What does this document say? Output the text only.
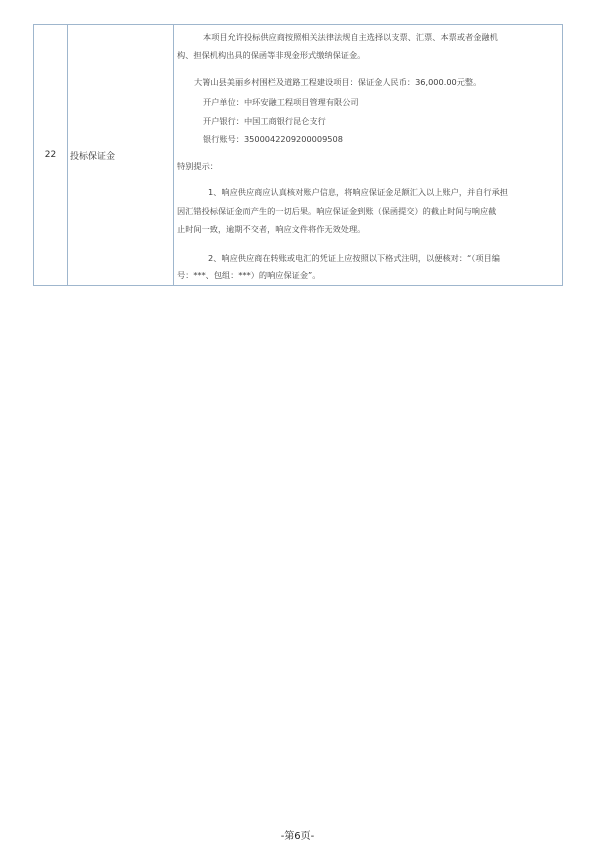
22	投标保证金
本项目允许投标供应商按照相关法律法规自主选择以支票、汇票、本票或者金融机
构、担保机构出具的保函等非现金形式缴纳保证金。
大箐山县美丽乡村围栏及道路工程建设项目：保证金人民币：36,000.00元整。
开户单位：中环安融工程项目管理有限公司
开户银行：中国工商银行昆仑支行
银行账号：3500042209200009508
特别提示：
1、响应供应商应认真核对账户信息，将响应保证金足额汇入以上账户，并自行承担
因汇错投标保证金而产生的一切后果。响应保证金到账（保函提交）的截止时间与响应截
止时间一致，逾期不交者，响应文件将作无效处理。
2、响应供应商在转账或电汇的凭证上应按照以下格式注明，以便核对：“（项目编
号：***、包组：***）的响应保证金”。
-第6页-
